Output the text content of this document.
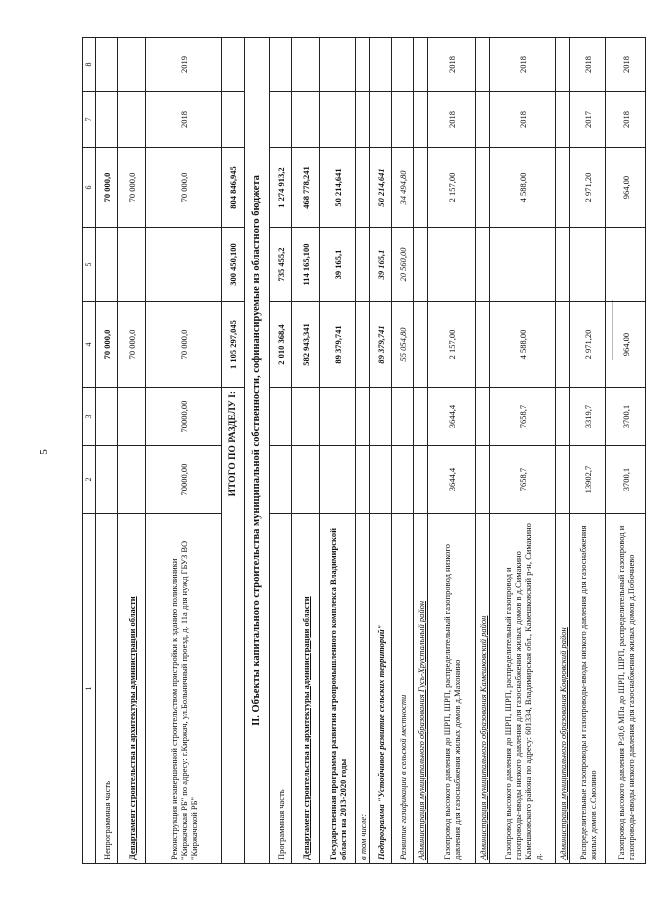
5
1	2	3	4	5	6	7	8
Непрограммная часть			70 000,0		70 000,0		
Департамент строительства и архитектуры администрации области			70 000,0		70 000,0		
Реконструкция незавершенной строительством пристройки к зданию поликлиники "Киржачская РБ" по адресу: г.Киржач, ул.Больничный проезд, д. 11а для нужд ГБУЗ ВО "Киржачской РБ"	70000,00	70000,00	70 000,0		70 000,0	2018	2019
ИТОГО ПО РАЗДЕЛУ I:			1 105 297,045	300 450,100	804 846,945		
II. Объекты капитального строительства муниципальной собственности, софинансируемые из областного бюджета							
Программная часть			2 010 368,4	735 455,2	1 274 913,2		
Департамент строительства и архитектуры администрации области			582 943,341	114 165,100	468 778,241		
Государственная программа развития агропромышленного комплекса Владимирской области на 2013-2020 годы			89 379,741	39 165,1	50 214,641		
в том числе:							
Подпрограмма "Устойчивое развитие сельских территорий"			89 379,741	39 165,1	50 214,641		
Развитие газификации в сельской местности			55 054,80	20 560,00	34 494,80		
Администрация муниципального образования Гусь-Хрустальный район							
Газопровод высокого давления до ШРП, ШРП, распределительный газопровод низкого давления для газоснабжения жилых домов д.Махонино	3644,4	3644,4	2 157,00		2 157,00	2018	2018
Администрация муниципального образования Камешковский район							
Газопровод высокого давления до ШРП, ШРП, распределительный газопровод и газопроводы-вводы низкого давления для газоснабжения жилых домов в д.Симакино Камешковского района по адресу: 601334, Владимирская обл., Камешковский р-н, Симакино д.	7658,7	7658,7	4 588,00		4 588,00	2018	2018
Администрация муниципального образования Ковровский район							
Распределительные газопроводы и газопроводы-вводы низкого давления для газоснабжения жилых домов с.Смолино	13902,7	3319,7	2 971,20		2 971,20	2017	2018
Газопровод высокого давления Р≤0,6 МПа до ШРП, ШРП, распределительный газопровод и газопроводы-вводы низкого давления для газоснабжения жилых домов д.Побочнево	3700,1	3700,1	964,00		964,00	2018	2018
